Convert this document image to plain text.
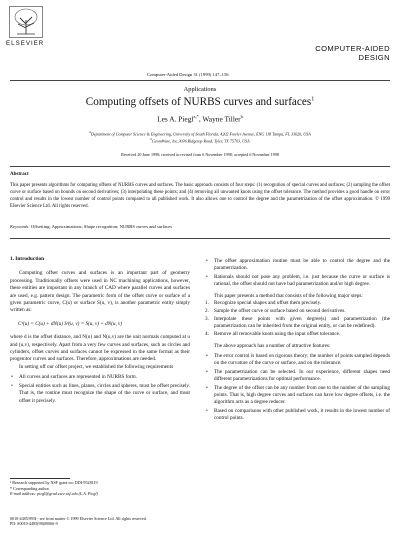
ELSEVIER
Computer-Aided Design 31 (1999) 147–156
COMPUTER-AIDED
DESIGN
Applications
Computing offsets of NURBS curves and surfaces$^1$
Les A. Piegl$^{a,*}$, Wayne Tiller$^b$
$^a$Department of Computer Science & Engineering, University of South Florida, 4202 Fowler Avenue, ENG 118 Tampa, FL 33620, USA
$^b$GeomWare, Inc.3036 Ridgetop Road, Tyler, TX 75703, USA
Received 20 June 1998; received in revised form 6 November 1998; accepted 6 November 1998
Abstract
This paper presents algorithms for computing offsets of NURBS curves and surfaces. The basic approach consists of four steps: (1) recognition of special curves and surfaces; (2) sampling the offset curve or surface based on bounds on second derivatives; (3) interpolating these points; and (4) removing all unwanted knots using the offset tolerance. The method provides a good handle on error control and results in the lowest number of control points compared to all published work. It also allows one to control the degree and the parametrization of the offset approximation. © 1999 Elsevier Science Ltd. All rights reserved.
Keywords: Offsetting; Approximations; Shape recognition; NURBS curves and surfaces
1. Introduction
Computing offset curves and surfaces is an important part of geometry processing. Traditionally offsets were used in NC machining applications, however, these entities are important in any branch of CAD where parallel curves and surfaces are used, e.g. pattern design. The parametric form of the offset curve or surface of a given parametric curve, C(u) or surface S(u, v), is another parametric entity simply written as:
Cᵈ(u) = C(u) + dN(u) Sᵈ(u, v) = S(u, v) + dN(u, v)
where d is the offset distance, and N(u) and N(u,v) are the unit normals computed at u and (u,v), respectively. Apart from a very few curves and surfaces, such as circles and cylinders, offset curves and surfaces cannot be expressed in the same format as their progenitor curves and surfaces. Therefore, approximations are needed.
In setting off our offset project, we established the following requirements
• All curves and surfaces are represented in NURBS form.
• Special entities such as lines, planes, circles and spheres, must be offset precisely. That is, the routine must recognize the shape of the curve or surface, and must offset it precisely.
¹ Research supported by NSF grant no: DDI-9528119
* Corresponding author.
E-mail address: piegl@grad.csee.usf.edu (L.A. Piegl)
• The offset approximation routine must be able to control the degree and the parametrization.
• Rationals should not pose any problem, i.e. just because the curve or surface is rational, the offset should not have bad parametrization and/or high degree.
This paper presents a method that consists of the following major steps:
1. Recognize special shapes and offset them precisely.
2. Sample the offset curve or surface based on second derivatives.
3. Interpolate these points with given degree(s) and parametrization (the parametrization can be inherited from the original entity, or can be redefined).
4. Remove all removable knots using the input offset tolerance.
The above approach has a number of attractive features:
• The error control is based on rigorous theory; the number of points sampled depends on the curvature of the curve or surface, and on the tolerance.
• The parametrization can be selected. In our experience, different shapes need different parametrizations for optimal performance.
• The degree of the offset can be any number from one to the number of the sampling points. That is, high degree curves and surfaces can have low degree offsets, i.e. the algorithm acts as a degree reducer.
• Based on comparisons with other published work, it results in the lowest number of control points.
0010-4485/99/$ - see front matter © 1999 Elsevier Science Ltd. All rights reserved.
PII: S0010-4485(98)00066-9
